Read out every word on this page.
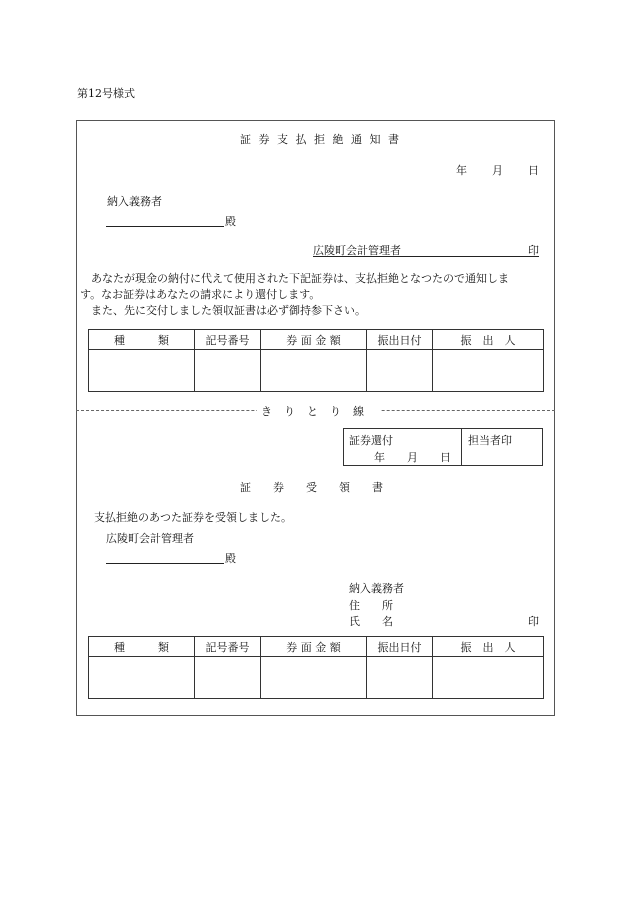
第12号様式
証 券 支 払 拒 絶 通 知 書
年 月 日
納入義務者
殿
広陵町会計管理者	印
　あなたが現金の納付に代えて使用された下記証券は、支払拒絶となつたので通知しま
す。なお証券はあなたの請求により還付します。
　また、先に交付しました領収証書は必ず御持参下さい。
種　　　類	記号番号	券 面 金 額	振出日付	振　出　人

きりとり線
証券還付
年　　月　　日
担当者印
証　　券　　受　　領　　書
支払拒絶のあつた証券を受領しました。
広陵町会計管理者
殿
納入義務者
住　　所
氏　　名	印
種　　　類	記号番号	券 面 金 額	振出日付	振　出　人
